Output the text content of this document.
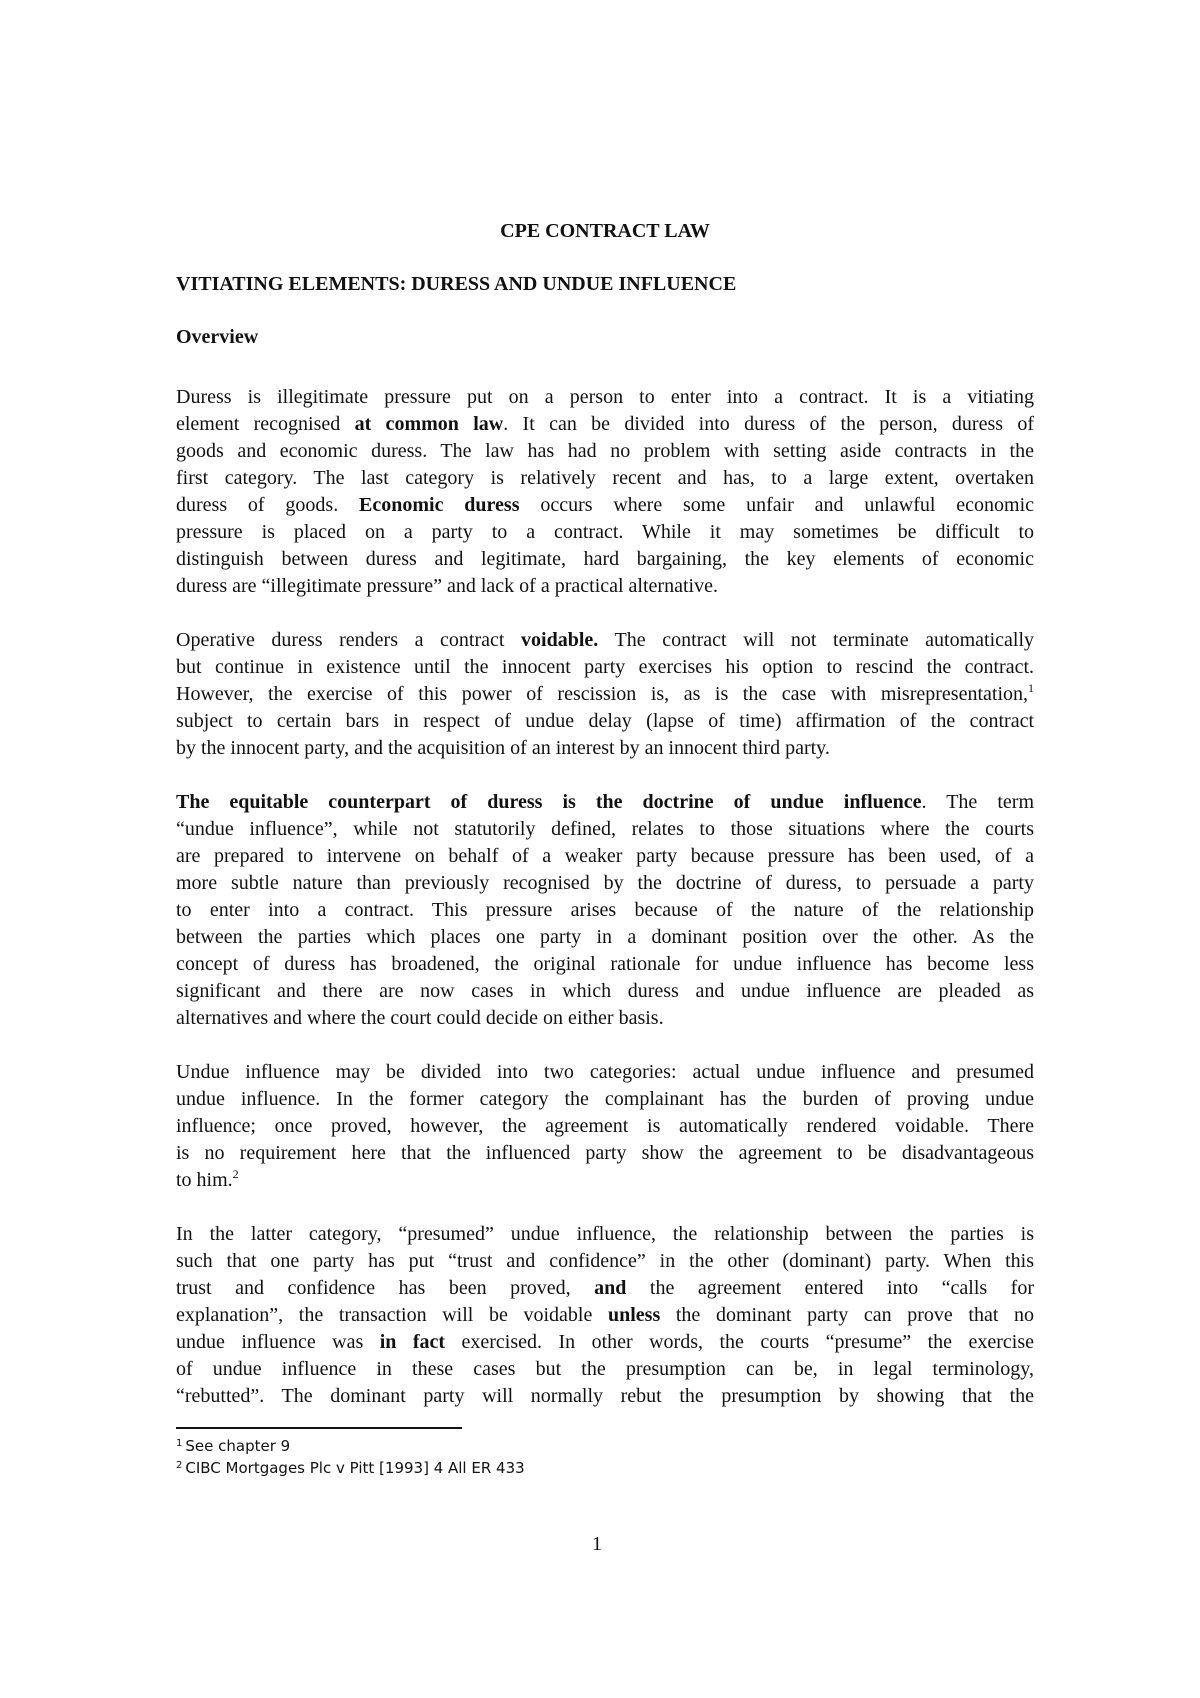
CPE CONTRACT LAW
VITIATING ELEMENTS: DURESS AND UNDUE INFLUENCE
Overview
Duress is illegitimate pressure put on a person to enter into a contract. It is a vitiating
element recognised at common law. It can be divided into duress of the person, duress of
goods and economic duress. The law has had no problem with setting aside contracts in the
first category. The last category is relatively recent and has, to a large extent, overtaken
duress of goods. Economic duress occurs where some unfair and unlawful economic
pressure is placed on a party to a contract. While it may sometimes be difficult to
distinguish between duress and legitimate, hard bargaining, the key elements of economic
duress are “illegitimate pressure” and lack of a practical alternative.
Operative duress renders a contract voidable. The contract will not terminate automatically
but continue in existence until the innocent party exercises his option to rescind the contract.
However, the exercise of this power of rescission is, as is the case with misrepresentation,$^1$
subject to certain bars in respect of undue delay (lapse of time) affirmation of the contract
by the innocent party, and the acquisition of an interest by an innocent third party.
The equitable counterpart of duress is the doctrine of undue influence. The term
“undue influence”, while not statutorily defined, relates to those situations where the courts
are prepared to intervene on behalf of a weaker party because pressure has been used, of a
more subtle nature than previously recognised by the doctrine of duress, to persuade a party
to enter into a contract. This pressure arises because of the nature of the relationship
between the parties which places one party in a dominant position over the other. As the
concept of duress has broadened, the original rationale for undue influence has become less
significant and there are now cases in which duress and undue influence are pleaded as
alternatives and where the court could decide on either basis.
Undue influence may be divided into two categories: actual undue influence and presumed
undue influence. In the former category the complainant has the burden of proving undue
influence; once proved, however, the agreement is automatically rendered voidable. There
is no requirement here that the influenced party show the agreement to be disadvantageous
to him.$^2$
In the latter category, “presumed” undue influence, the relationship between the parties is
such that one party has put “trust and confidence” in the other (dominant) party. When this
trust and confidence has been proved, and the agreement entered into “calls for
explanation”, the transaction will be voidable unless the dominant party can prove that no
undue influence was in fact exercised. In other words, the courts “presume” the exercise
of undue influence in these cases but the presumption can be, in legal terminology,
“rebutted”. The dominant party will normally rebut the presumption by showing that the
$^1$ See chapter 9
$^2$ CIBC Mortgages Plc v Pitt [1993] 4 All ER 433
1
